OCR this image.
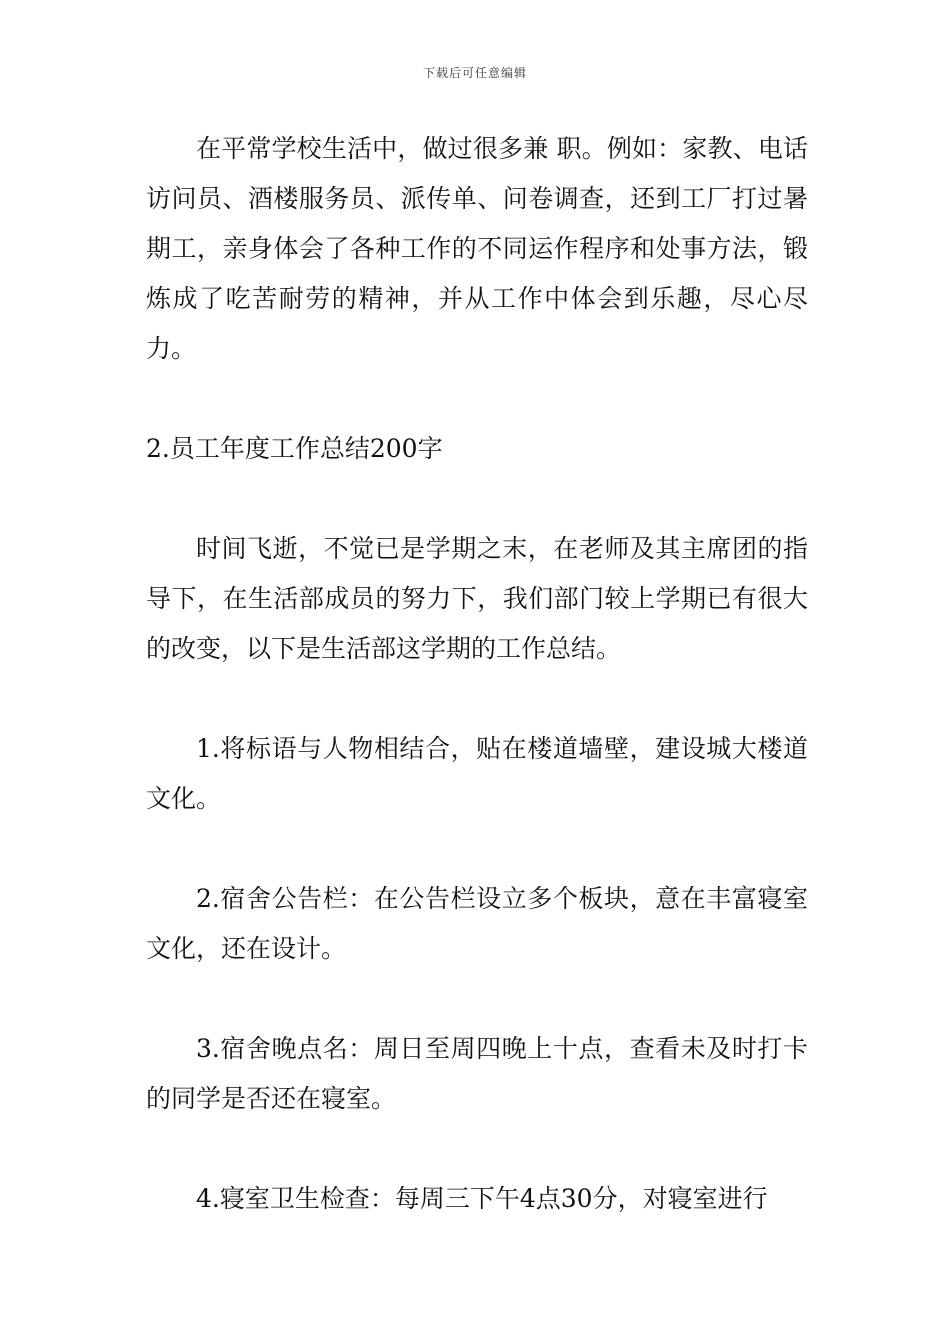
下载后可任意编辑

在平常学校生活中，做过很多兼 职。例如：家教、电话访问员、酒楼服务员、派传单、问卷调查，还到工厂打过暑期工，亲身体会了各种工作的不同运作程序和处事方法，锻炼成了吃苦耐劳的精神，并从工作中体会到乐趣，尽心尽力。

2.员工年度工作总结200字

时间飞逝，不觉已是学期之末，在老师及其主席团的指导下，在生活部成员的努力下，我们部门较上学期已有很大的改变，以下是生活部这学期的工作总结。

1.将标语与人物相结合，贴在楼道墙壁，建设城大楼道文化。

2.宿舍公告栏：在公告栏设立多个板块，意在丰富寝室文化，还在设计。

3.宿舍晚点名：周日至周四晚上十点，查看未及时打卡的同学是否还在寝室。

4.寝室卫生检查：每周三下午4点30分，对寝室进行
